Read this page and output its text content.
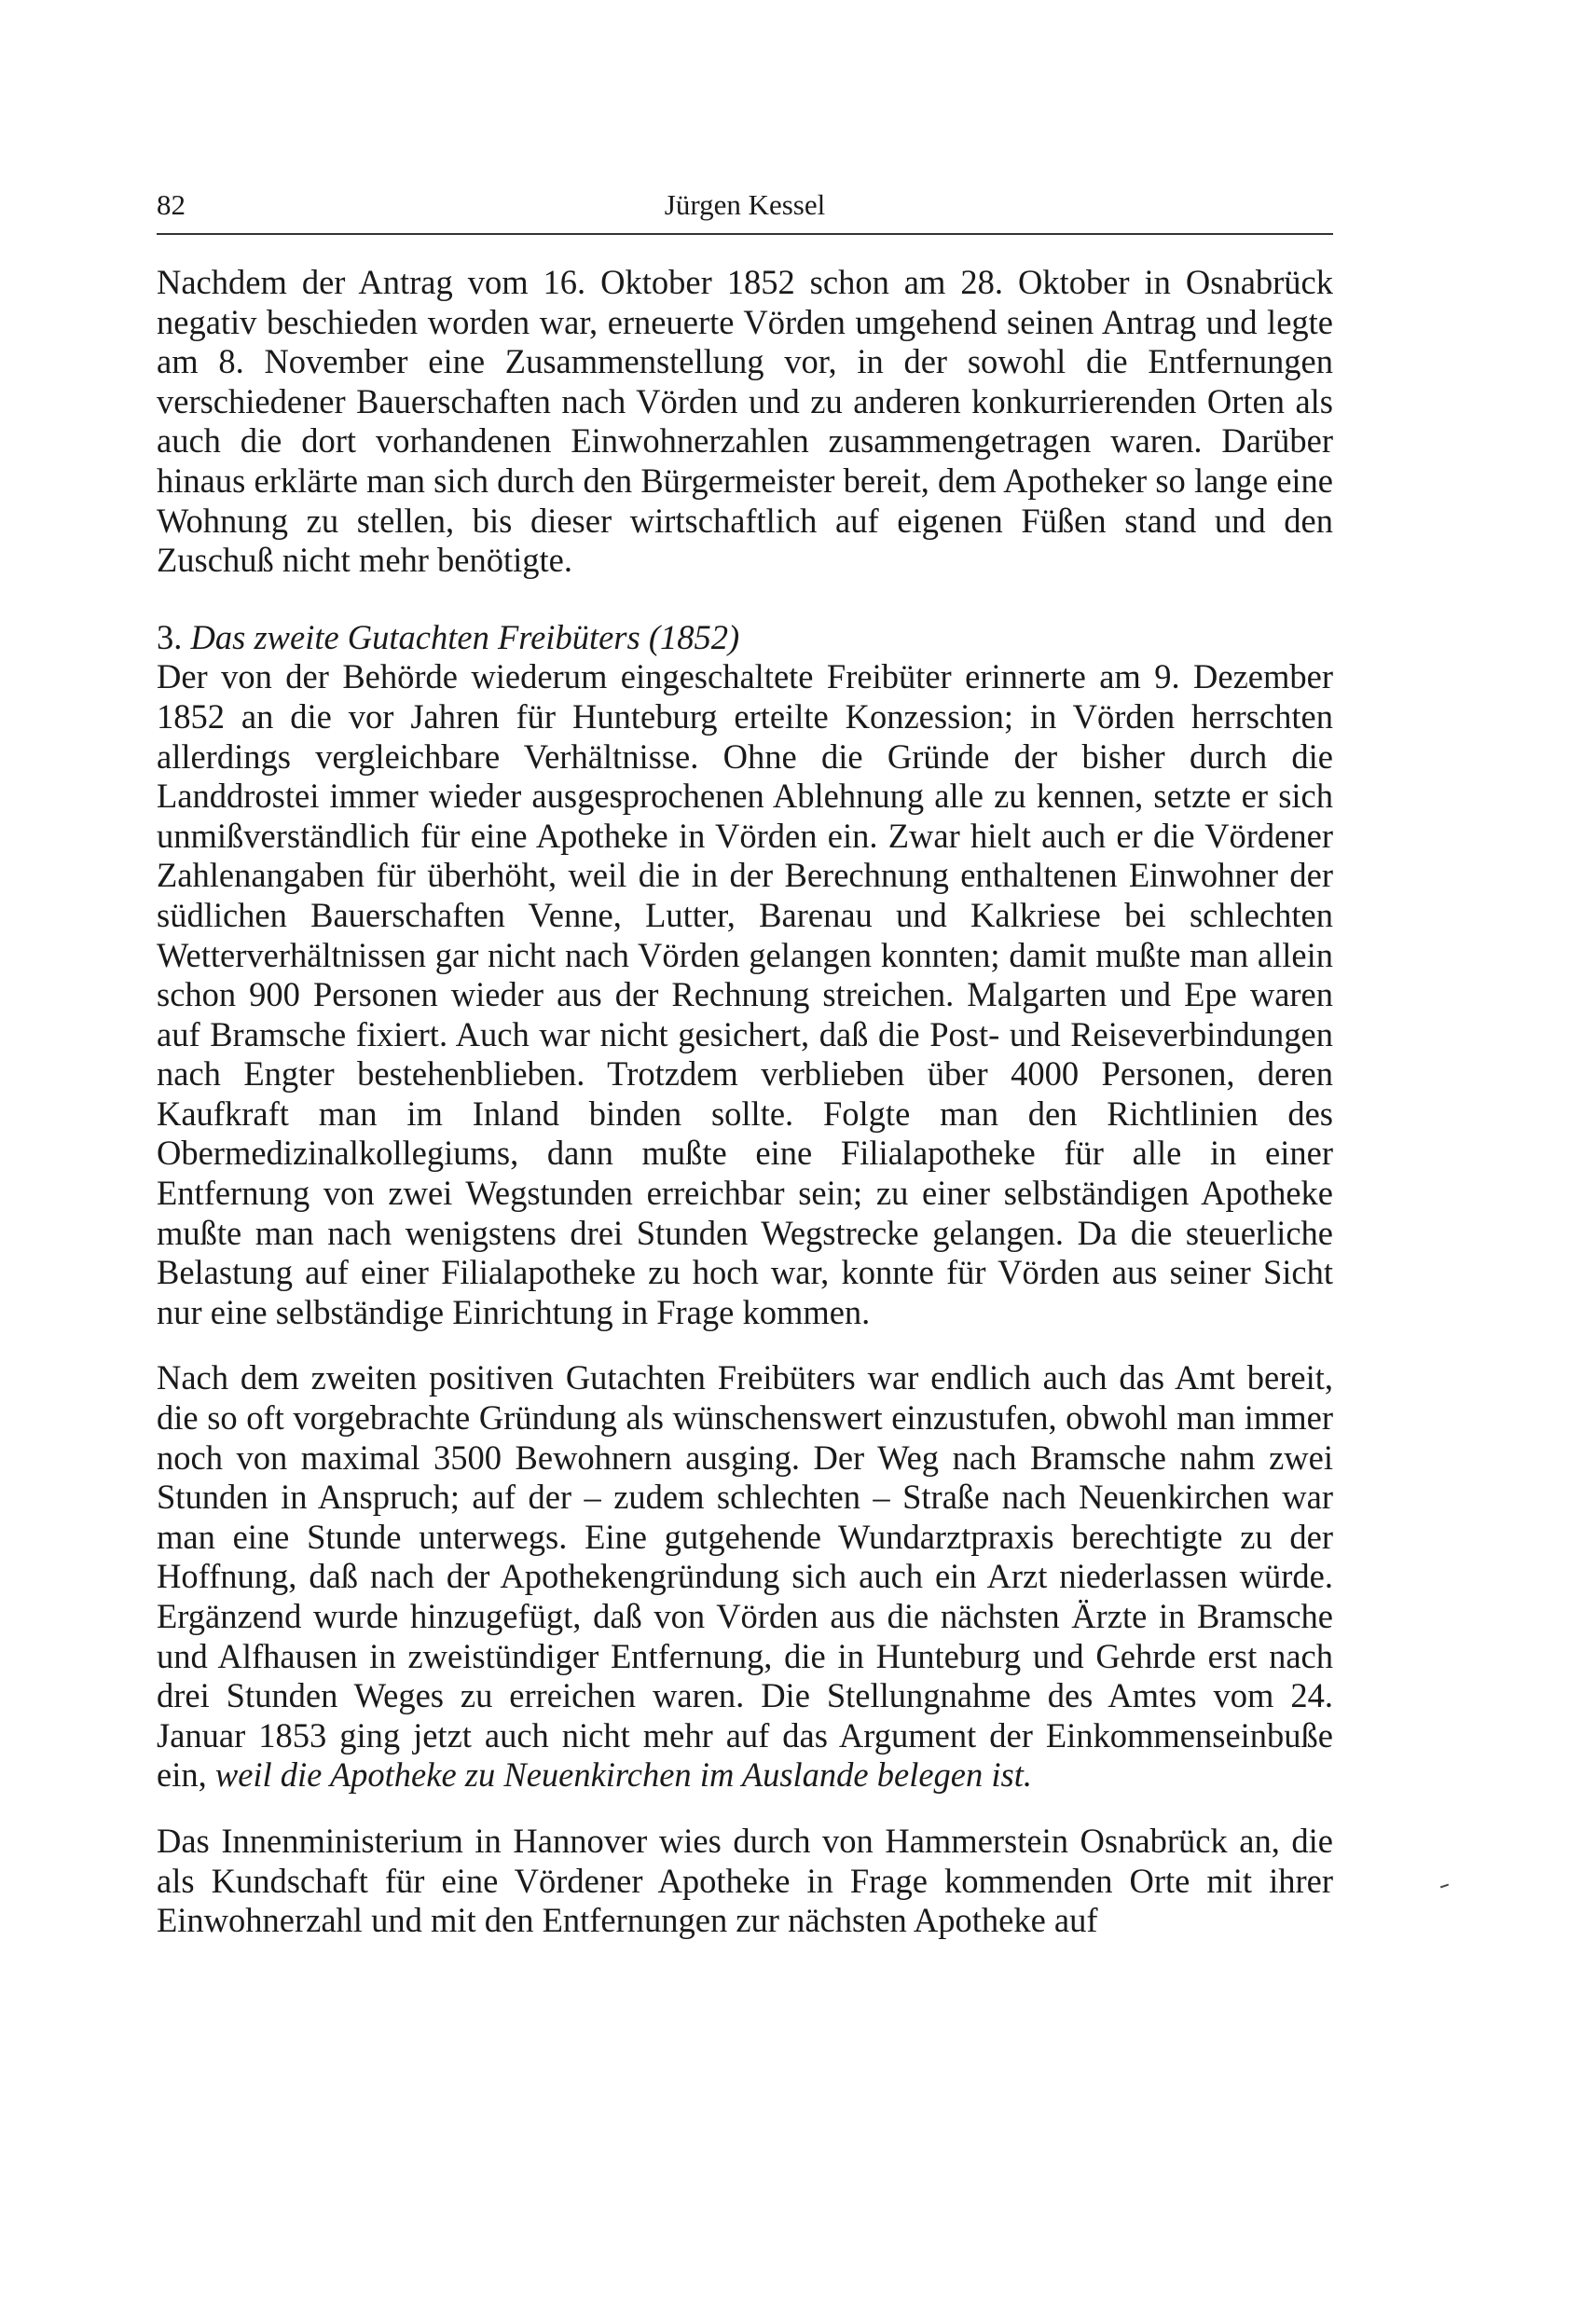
82	Jürgen Kessel

Nachdem der Antrag vom 16. Oktober 1852 schon am 28. Oktober in Osnabrück negativ beschieden worden war, erneuerte Vörden umgehend seinen Antrag und legte am 8. November eine Zusammenstellung vor, in der sowohl die Entfernungen verschiedener Bauerschaften nach Vörden und zu anderen konkurrierenden Orten als auch die dort vorhandenen Einwohnerzahlen zusammengetragen waren. Darüber hinaus erklärte man sich durch den Bürgermeister bereit, dem Apotheker so lange eine Wohnung zu stellen, bis dieser wirtschaftlich auf eigenen Füßen stand und den Zuschuß nicht mehr benötigte.

3. Das zweite Gutachten Freibüters (1852)

Der von der Behörde wiederum eingeschaltete Freibüter erinnerte am 9. Dezember 1852 an die vor Jahren für Hunteburg erteilte Konzession; in Vörden herrschten allerdings vergleichbare Verhältnisse. Ohne die Gründe der bisher durch die Landdrostei immer wieder ausgesprochenen Ablehnung alle zu kennen, setzte er sich unmißverständlich für eine Apotheke in Vörden ein. Zwar hielt auch er die Vördener Zahlenangaben für überhöht, weil die in der Berechnung enthaltenen Einwohner der südlichen Bauerschaften Venne, Lutter, Barenau und Kalkriese bei schlechten Wetterverhältnissen gar nicht nach Vörden gelangen konnten; damit mußte man allein schon 900 Personen wieder aus der Rechnung streichen. Malgarten und Epe waren auf Bramsche fixiert. Auch war nicht gesichert, daß die Post- und Reiseverbindungen nach Engter bestehenblieben. Trotzdem verblieben über 4000 Personen, deren Kaufkraft man im Inland binden sollte. Folgte man den Richtlinien des Obermedizinalkollegiums, dann mußte eine Filialapotheke für alle in einer Entfernung von zwei Wegstunden erreichbar sein; zu einer selbständigen Apotheke mußte man nach wenigstens drei Stunden Wegstrecke gelangen. Da die steuerliche Belastung auf einer Filialapotheke zu hoch war, konnte für Vörden aus seiner Sicht nur eine selbständige Einrichtung in Frage kommen.

Nach dem zweiten positiven Gutachten Freibüters war endlich auch das Amt bereit, die so oft vorgebrachte Gründung als wünschenswert einzustufen, obwohl man immer noch von maximal 3500 Bewohnern ausging. Der Weg nach Bramsche nahm zwei Stunden in Anspruch; auf der – zudem schlechten – Straße nach Neuenkirchen war man eine Stunde unterwegs. Eine gutgehende Wundarztpraxis berechtigte zu der Hoffnung, daß nach der Apothekengründung sich auch ein Arzt niederlassen würde. Ergänzend wurde hinzugefügt, daß von Vörden aus die nächsten Ärzte in Bramsche und Alfhausen in zweistündiger Entfernung, die in Hunteburg und Gehrde erst nach drei Stunden Weges zu erreichen waren. Die Stellungnahme des Amtes vom 24. Januar 1853 ging jetzt auch nicht mehr auf das Argument der Einkommenseinbuße ein, weil die Apotheke zu Neuenkirchen im Auslande belegen ist.

Das Innenministerium in Hannover wies durch von Hammerstein Osnabrück an, die als Kundschaft für eine Vördener Apotheke in Frage kommenden Orte mit ihrer Einwohnerzahl und mit den Entfernungen zur nächsten Apotheke auf
